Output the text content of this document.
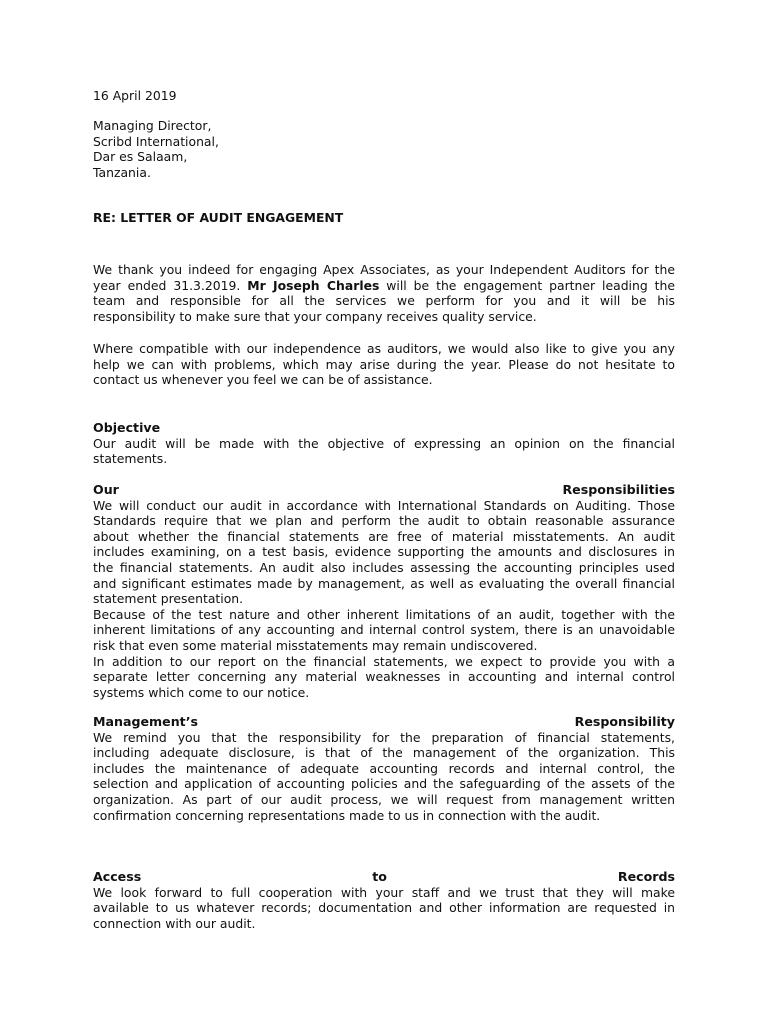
16 April 2019

Managing Director,
Scribd International,
Dar es Salaam,
Tanzania.

RE: LETTER OF AUDIT ENGAGEMENT

We thank you indeed for engaging Apex Associates, as your Independent Auditors for the
year ended 31.3.2019. Mr Joseph Charles will be the engagement partner leading the
team and responsible for all the services we perform for you and it will be his
responsibility to make sure that your company receives quality service.
Where compatible with our independence as auditors, we would also like to give you any
help we can with problems, which may arise during the year. Please do not hesitate to
contact us whenever you feel we can be of assistance.
Objective
Our audit will be made with the objective of expressing an opinion on the financial
statements.
Our Responsibilities
We will conduct our audit in accordance with International Standards on Auditing. Those
Standards require that we plan and perform the audit to obtain reasonable assurance
about whether the financial statements are free of material misstatements. An audit
includes examining, on a test basis, evidence supporting the amounts and disclosures in
the financial statements. An audit also includes assessing the accounting principles used
and significant estimates made by management, as well as evaluating the overall financial
statement presentation.
Because of the test nature and other inherent limitations of an audit, together with the
inherent limitations of any accounting and internal control system, there is an unavoidable
risk that even some material misstatements may remain undiscovered.
In addition to our report on the financial statements, we expect to provide you with a
separate letter concerning any material weaknesses in accounting and internal control
systems which come to our notice.
Management’s Responsibility
We remind you that the responsibility for the preparation of financial statements,
including adequate disclosure, is that of the management of the organization. This
includes the maintenance of adequate accounting records and internal control, the
selection and application of accounting policies and the safeguarding of the assets of the
organization. As part of our audit process, we will request from management written
confirmation concerning representations made to us in connection with the audit.
Access to Records
We look forward to full cooperation with your staff and we trust that they will make
available to us whatever records; documentation and other information are requested in
connection with our audit.
